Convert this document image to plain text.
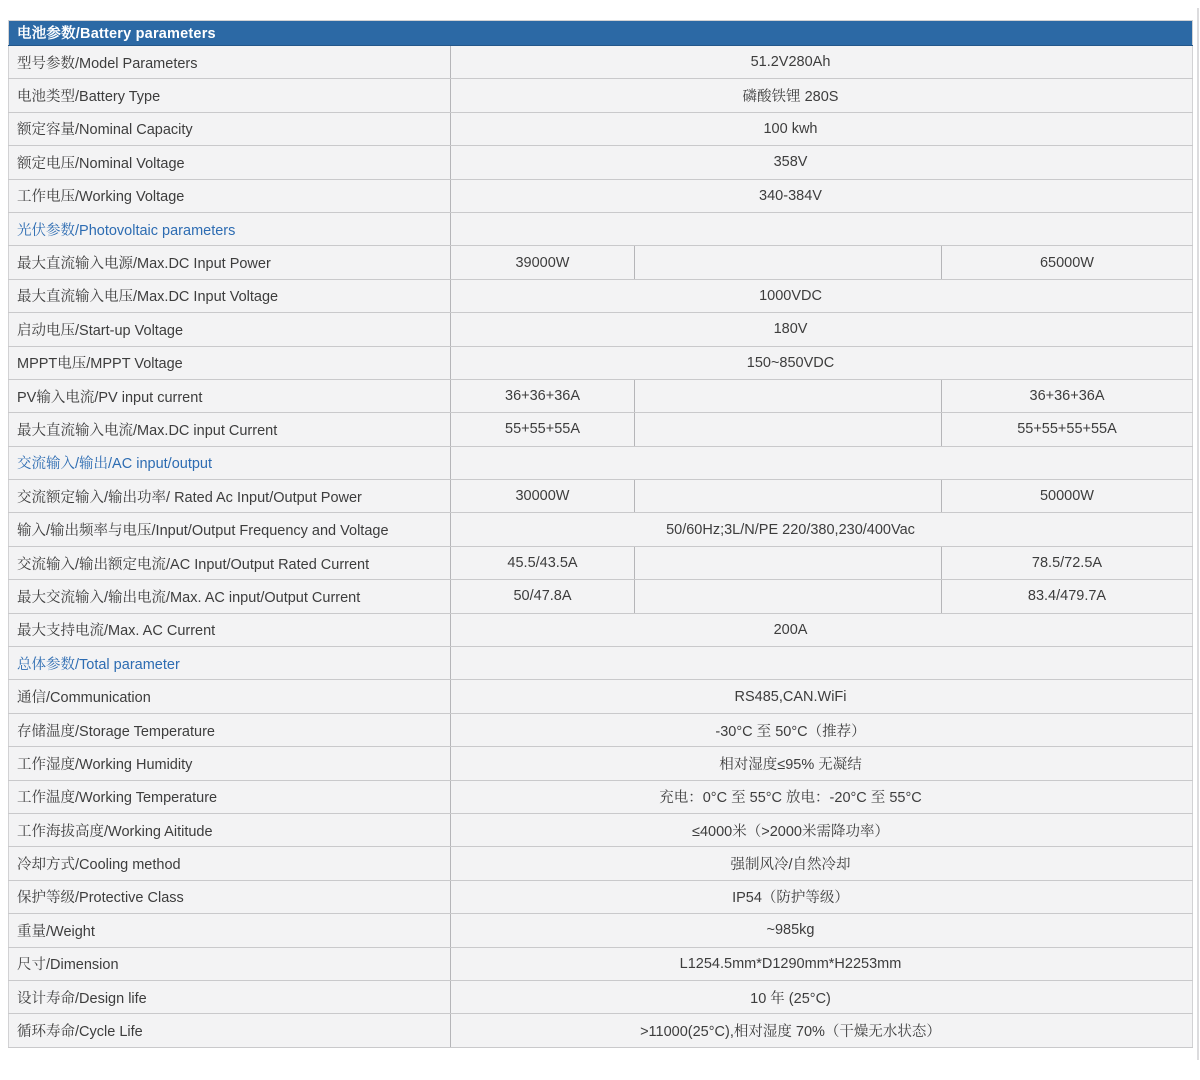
电池参数/Battery parameters			
型号参数/Model Parameters	51.2V280Ah		
电池类型/Battery Type	磷酸铁锂 280S		
额定容量/Nominal Capacity	100 kwh		
额定电压/Nominal Voltage	358V		
工作电压/Working Voltage	340-384V		
光伏参数/Photovoltaic parameters			
最大直流输入电源/Max.DC Input Power	39000W		65000W
最大直流输入电压/Max.DC Input Voltage	1000VDC		
启动电压/Start-up Voltage	180V		
MPPT电压/MPPT Voltage	150~850VDC		
PV输入电流/PV input current	36+36+36A		36+36+36A
最大直流输入电流/Max.DC input Current	55+55+55A		55+55+55+55A
交流输入/输出/AC input/output			
交流额定输入/输出功率/ Rated Ac Input/Output Power	30000W		50000W
输入/输出频率与电压/Input/Output Frequency and Voltage	50/60Hz;3L/N/PE 220/380,230/400Vac		
交流输入/输出额定电流/AC Input/Output Rated Current	45.5/43.5A		78.5/72.5A
最大交流输入/输出电流/Max. AC input/Output Current	50/47.8A		83.4/479.7A
最大支持电流/Max. AC Current	200A		
总体参数/Total parameter			
通信/Communication	RS485,CAN.WiFi		
存储温度/Storage Temperature	-30°C 至 50°C（推荐）		
工作湿度/Working Humidity	相对湿度≤95% 无凝结		
工作温度/Working Temperature	充电：0°C 至 55°C 放电：-20°C 至 55°C		
工作海拔高度/Working Aititude	≤4000米（>2000米需降功率）		
冷却方式/Cooling method	强制风冷/自然冷却		
保护等级/Protective Class	IP54（防护等级）		
重量/Weight	~985kg		
尺寸/Dimension	L1254.5mm*D1290mm*H2253mm		
设计寿命/Design life	10 年 (25°C)		
循环寿命/Cycle Life	>11000(25°C),相对湿度 70%（干燥无水状态）		
